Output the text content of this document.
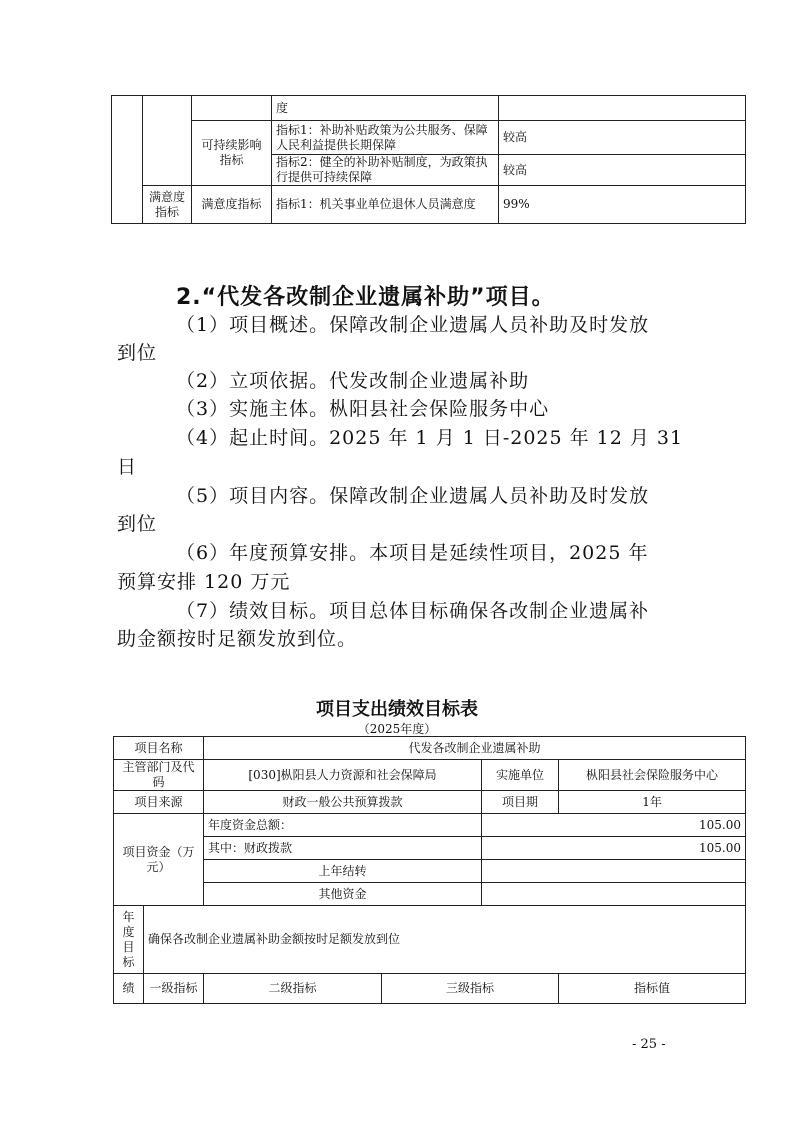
			度	
		可持续影响指标	指标1：补助补贴政策为公共服务、保障人民利益提供长期保障	较高
			指标2：健全的补助补贴制度，为政策执行提供可持续保障	较高
	满意度指标	满意度指标	指标1：机关事业单位退休人员满意度	99%
2.“代发各改制企业遗属补助”项目。
（1）项目概述。保障改制企业遗属人员补助及时发放
到位
（2）立项依据。代发改制企业遗属补助
（3）实施主体。枞阳县社会保险服务中心
（4）起止时间。2025 年 1 月 1 日-2025 年 12 月 31
日
（5）项目内容。保障改制企业遗属人员补助及时发放
到位
（6）年度预算安排。本项目是延续性项目，2025 年
预算安排 120 万元
（7）绩效目标。项目总体目标确保各改制企业遗属补
助金额按时足额发放到位。
项目支出绩效目标表
（2025年度）
项目名称		代发各改制企业遗属补助			
主管部门及代码		[030]枞阳县人力资源和社会保障局		实施单位	枞阳县社会保险服务中心
项目来源		财政一般公共预算拨款		项目期	1年
项目资金（万元）		年度资金总额：		105.00	
		其中：财政拨款		105.00	
		上年结转			
		其他资金			
年度目标	确保各改制企业遗属补助金额按时足额发放到位				
绩	一级指标	二级指标	三级指标		指标值
- 25 -
